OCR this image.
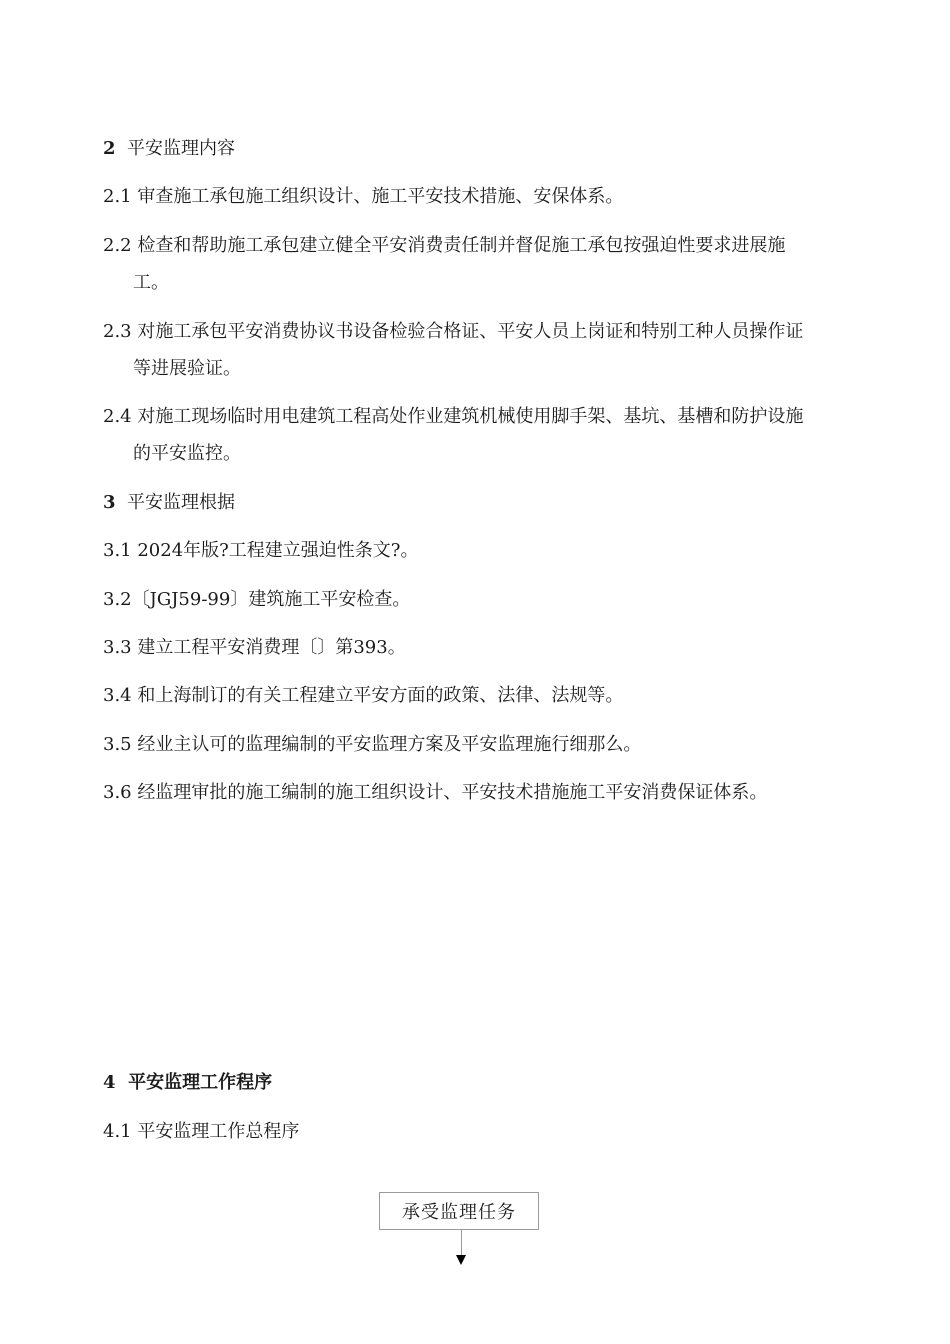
2 平安监理内容
2.1 审查施工承包施工组织设计、施工平安技术措施、安保体系。
2.2 检查和帮助施工承包建立健全平安消费责任制并督促施工承包按强迫性要求进展施
工。
2.3 对施工承包平安消费协议书设备检验合格证、平安人员上岗证和特别工种人员操作证
等进展验证。
2.4 对施工现场临时用电建筑工程高处作业建筑机械使用脚手架、基坑、基槽和防护设施
的平安监控。
3 平安监理根据
3.1 2024年版?工程建立强迫性条文?。
3.2〔JGJ59-99〕建筑施工平安检查。
3.3 建立工程平安消费理〔〕第393。
3.4 和上海制订的有关工程建立平安方面的政策、法律、法规等。
3.5 经业主认可的监理编制的平安监理方案及平安监理施行细那么。
3.6 经监理审批的施工编制的施工组织设计、平安技术措施施工平安消费保证体系。
4 平安监理工作程序
4.1 平安监理工作总程序
承受监理任务
